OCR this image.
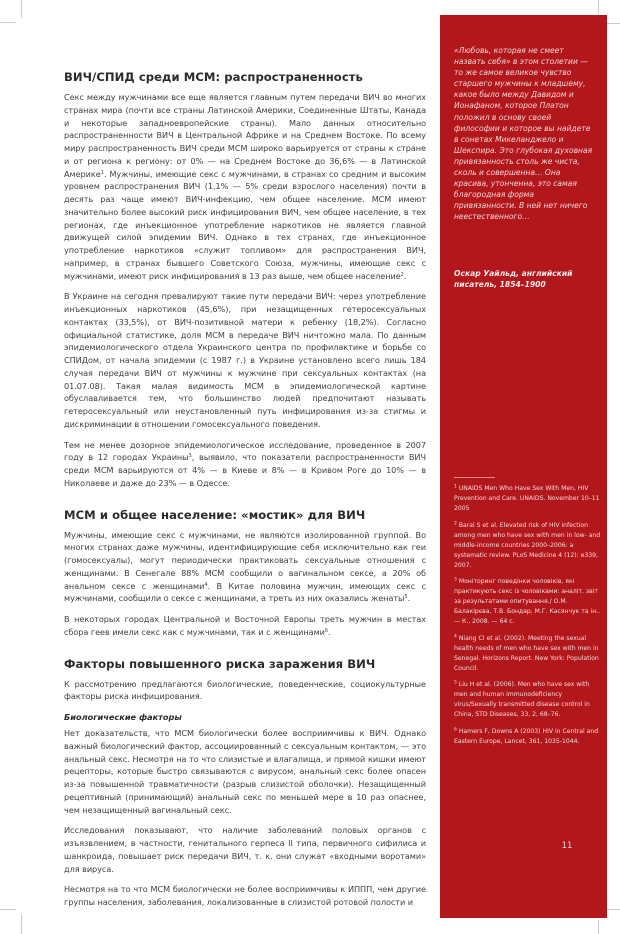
ВИЧ/СПИД среди МСМ: распространенность

Секс между мужчинами все еще является главным путем передачи ВИЧ во многих странах мира (почти все страны Латинской Америки, Соединенные Штаты, Канада и некоторые западноевропейские страны). Мало данных относительно распространенности ВИЧ в Центральной Африке и на Среднем Востоке. По всему миру распространенность ВИЧ среди МСМ широко варьируется от страны к стране и от региона к региону: от 0% — на Среднем Востоке до 36,6% — в Латинской Америке$^1$. Мужчины, имеющие секс с мужчинами, в странах со средним и высоким уровнем распространения ВИЧ (1,1% — 5% среди взрослого населения) почти в десять раз чаще имеют ВИЧ-инфекцию, чем общее население. МСМ имеют значительно более высокий риск инфицирования ВИЧ, чем общее население, в тех регионах, где инъекционное употребление наркотиков не является главной движущей силой эпидемии ВИЧ. Однако в тех странах, где инъекционное употребление наркотиков «служит топливом» для распространения ВИЧ, например, в странах бывшего Советского Союза, мужчины, имеющие секс с мужчинами, имеют риск инфицирования в 13 раз выше, чем общее население$^2$.

В Украине на сегодня превалируют такие пути передачи ВИЧ: через употребление инъекционных наркотиков (45,6%), при незащищенных гетеросексуальных контактах (33,5%), от ВИЧ-позитивной матери к ребенку (18,2%). Согласно официальной статистике, доля МСМ в передаче ВИЧ ничтожно мала. По данным эпидемиологического отдела Украинского центра по профилактике и борьбе со СПИДом, от начала эпидемии (с 1987 г.) в Украине установлено всего лишь 184 случая передачи ВИЧ от мужчины к мужчине при сексуальных контактах (на 01.07.08). Такая малая видимость МСМ в эпидемиологической картине обуславливается тем, что большинство людей предпочитают называть гетеросексуальный или неустановленный путь инфицирования из-за стигмы и дискриминации в отношении гомосексуального поведения.

Тем не менее дозорное эпидемиологическое исследование, проведенное в 2007 году в 12 городах Украины$^3$, выявило, что показатели распространенности ВИЧ среди МСМ варьируются от 4% — в Киеве и 8% — в Кривом Роге до 10% — в Николаеве и даже до 23% — в Одессе.

МСМ и общее население: «мостик» для ВИЧ

Мужчины, имеющие секс с мужчинами, не являются изолированной группой. Во многих странах даже мужчины, идентифицирующие себя исключительно как геи (гомосексуалы), могут периодически практиковать сексуальные отношения с женщинами. В Сенегале 88% МСМ сообщили о вагинальном сексе, а 20% об анальном сексе с женщинами$^4$. В Китае половина мужчин, имеющих секс с мужчинами, сообщили о сексе с женщинами, а треть из них оказались женаты$^5$.

В некоторых городах Центральной и Восточной Европы треть мужчин в местах сбора геев имели секс как с мужчинами, так и с женщинами$^6$.

Факторы повышенного риска заражения ВИЧ

К рассмотрению предлагаются биологические, поведенческие, социокультурные факторы риска инфицирования.

Биологические факторы

Нет доказательств, что МСМ биологически более восприимчивы к ВИЧ. Однако важный биологический фактор, ассоциированный с сексуальным контактом, — это анальный секс. Несмотря на то что слизистые и влагалища, и прямой кишки имеют рецепторы, которые быстро связываются с вирусом, анальный секс более опасен из-за повышенной травматичности (разрыв слизистой оболочки). Незащищенный рецептивный (принимающий) анальный секс по меньшей мере в 10 раз опаснее, чем незащищенный вагинальный секс.

Исследования показывают, что наличие заболеваний половых органов с изъязвлением, в частности, генитального герпеса II типа, первичного сифилиса и шанкроида, повышает риск передачи ВИЧ, т. к. они служат «входными воротами» для вируса.

Несмотря на то что МСМ биологически не более восприимчивы к ИППП, чем другие группы населения, заболевания, локализованные в слизистой ротовой полости и

«Любовь, которая не смеет назвать себя» в этом столетии — то же самое великое чувство старшего мужчины к младшему, какое было между Давидом и Ионафаном, которое Платон положил в основу своей философии и которое вы найдете в сонетах Микеланджело и Шекспира. Это глубокая духовная привязанность столь же чиста, сколь и совершенна… Она красива, утонченна, это самая благородная форма привязанности. В ней нет ничего неестественного…
Оскар Уайльд, английский писатель, 1854–1900
$^1$ UNAIDS Men Who Have Sex With Men, HIV Prevention and Care. UNAIDS. November 10–11 2005
$^2$ Baral S et al. Elevated risk of HIV infection among men who have sex with men in low- and middle-income countries 2000–2006: a systematic review. PLoS Medicine 4 (12): e339, 2007.
$^3$ Моніторинг поведінки чоловіків, які практикують секс із чоловіками: аналіт. звіт за результатами опитування./ О.М. Балакірєва, Т.В. Бондар, М.Г. Касянчук та ін.. — К., 2008. — 64 с.
$^4$ Niang CI et al. (2002). Meeting the sexual health needs of men who have sex with men in Senegal. Horizons Report. New York: Population Council.
$^5$ Liu H et al. (2006). Men who have sex with men and human immunodeficiency virus/Sexually transmitted disease control in China, STD Diseases, 33, 2, 68–76.
$^6$ Hamers F, Downs A (2003) HIV in Central and Eastern Europe, Lancet, 361, 1035-1044.
11
